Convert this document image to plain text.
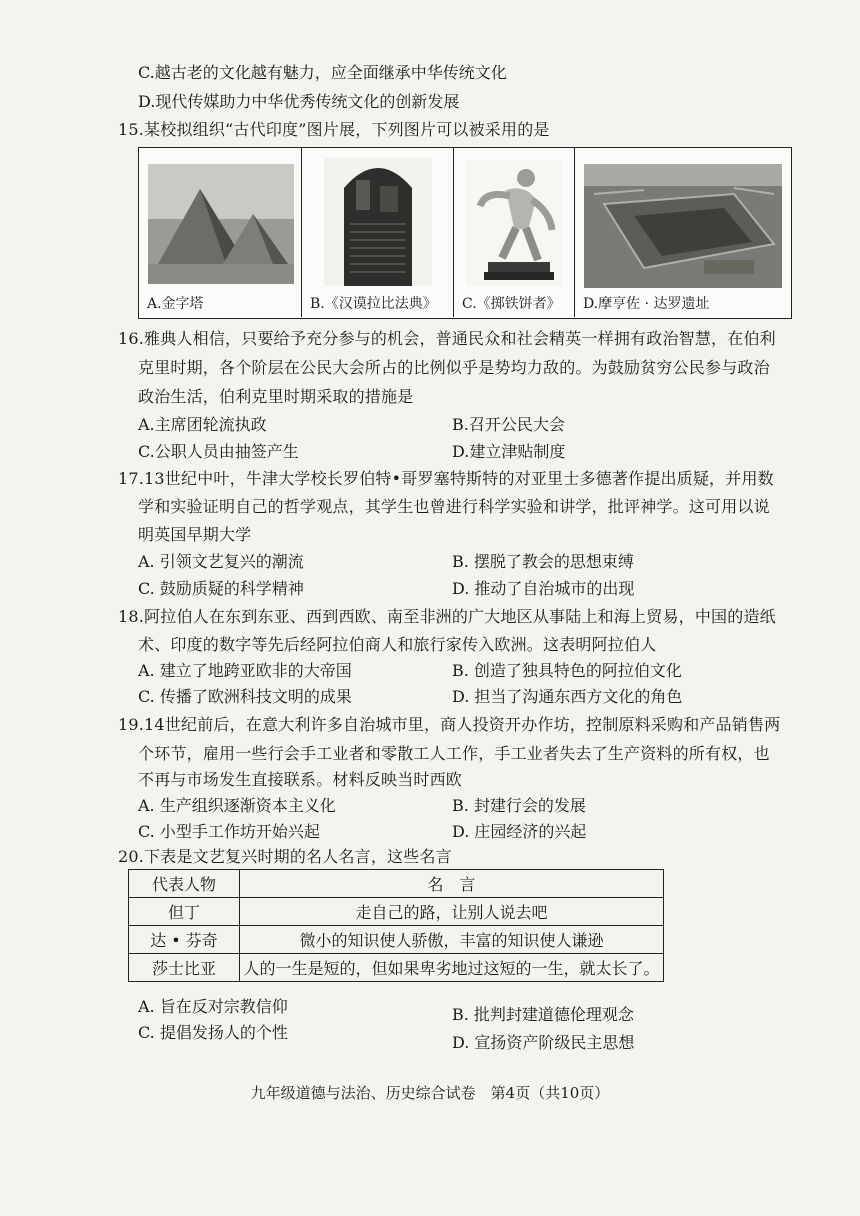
C.越古老的文化越有魅力，应全面继承中华传统文化
D.现代传媒助力中华优秀传统文化的创新发展
15.某校拟组织“古代印度”图片展，下列图片可以被采用的是
A.金字塔	B.《汉谟拉比法典》 C.《掷铁饼者》 D.摩亨佐 · 达罗遗址
16.雅典人相信，只要给予充分参与的机会，普通民众和社会精英一样拥有政治智慧，在伯利
克里时期，各个阶层在公民大会所占的比例似乎是势均力敌的。为鼓励贫穷公民参与政治
政治生活，伯利克里时期采取的措施是
A.主席团轮流执政	B.召开公民大会
C.公职人员由抽签产生	D.建立津贴制度
17.13世纪中叶，牛津大学校长罗伯特•哥罗塞特斯特的对亚里士多德著作提出质疑，并用数
学和实验证明自己的哲学观点，其学生也曾进行科学实验和讲学，批评神学。这可用以说
明英国早期大学
A. 引领文艺复兴的潮流	B. 摆脱了教会的思想束缚
C. 鼓励质疑的科学精神	D. 推动了自治城市的出现
18.阿拉伯人在东到东亚、西到西欧、南至非洲的广大地区从事陆上和海上贸易，中国的造纸
术、印度的数字等先后经阿拉伯商人和旅行家传入欧洲。这表明阿拉伯人
A. 建立了地跨亚欧非的大帝国	B. 创造了独具特色的阿拉伯文化
C. 传播了欧洲科技文明的成果	D. 担当了沟通东西方文化的角色
19.14世纪前后，在意大利许多自治城市里，商人投资开办作坊，控制原料采购和产品销售两
个环节，雇用一些行会手工业者和零散工人工作，手工业者失去了生产资料的所有权，也
不再与市场发生直接联系。材料反映当时西欧
A. 生产组织逐渐资本主义化	B. 封建行会的发展
C. 小型手工作坊开始兴起	D. 庄园经济的兴起
20.下表是文艺复兴时期的名人名言，这些名言
代表人物	名　言
但丁	走自己的路，让别人说去吧
达 • 芬奇	微小的知识使人骄傲，丰富的知识使人谦逊
莎士比亚	人的一生是短的，但如果卑劣地过这短的一生，就太长了。
A. 旨在反对宗教信仰	B. 批判封建道德伦理观念
C. 提倡发扬人的个性
D. 宣扬资产阶级民主思想
九年级道德与法治、历史综合试卷　第4页（共10页）
